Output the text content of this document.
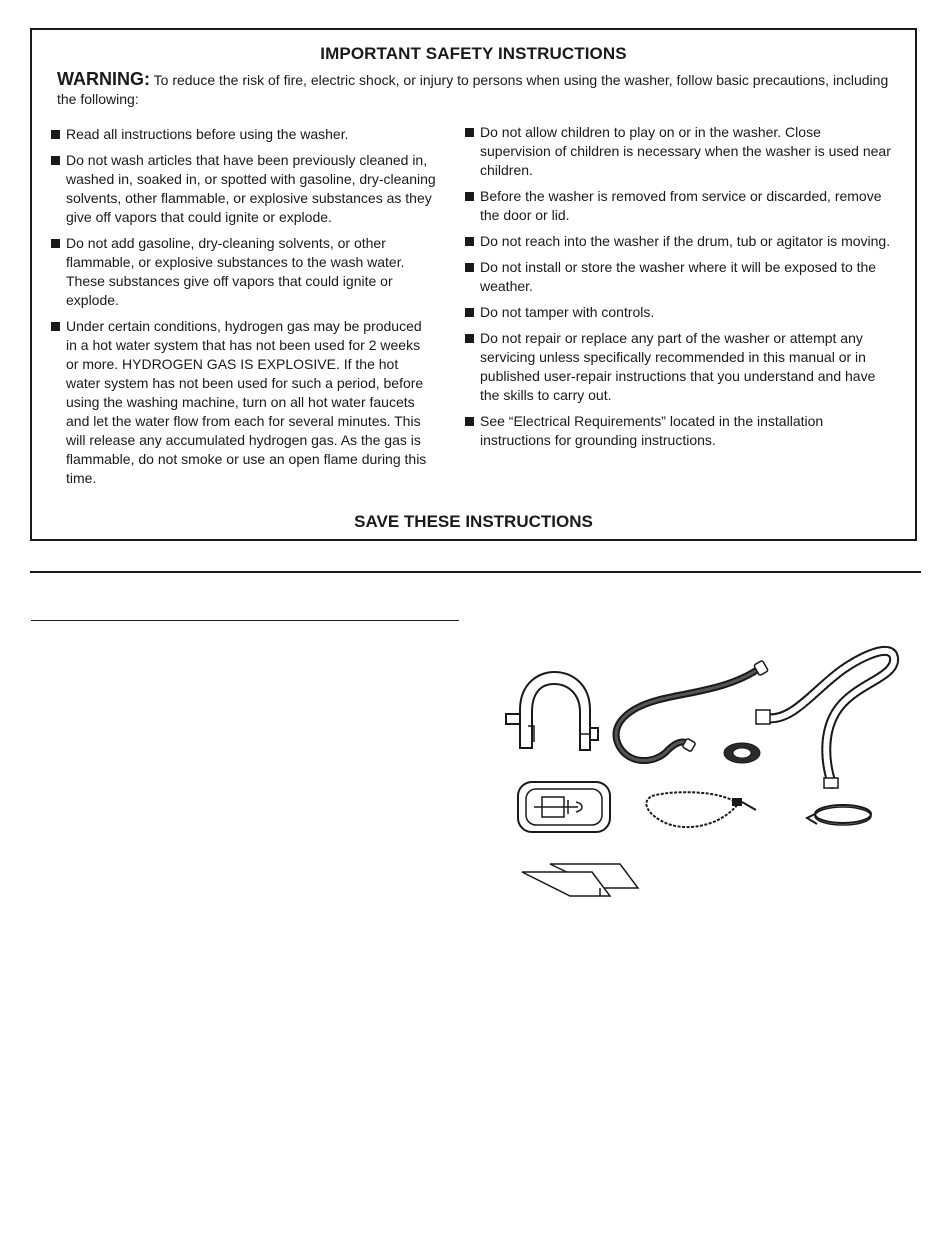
IMPORTANT SAFETY INSTRUCTIONS
WARNING: To reduce the risk of fire, electric shock, or injury to persons when using the washer, follow basic precautions, including the following:
Read all instructions before using the washer.
Do not wash articles that have been previously cleaned in, washed in, soaked in, or spotted with gasoline, dry-cleaning solvents, other flammable, or explosive substances as they give off vapors that could ignite or explode.
Do not add gasoline, dry-cleaning solvents, or other flammable, or explosive substances to the wash water. These substances give off vapors that could ignite or explode.
Under certain conditions, hydrogen gas may be produced in a hot water system that has not been used for 2 weeks or more. HYDROGEN GAS IS EXPLOSIVE. If the hot water system has not been used for such a period, before using the washing machine, turn on all hot water faucets and let the water flow from each for several minutes. This will release any accumulated hydrogen gas. As the gas is flammable, do not smoke or use an open flame during this time.
Do not allow children to play on or in the washer. Close supervision of children is necessary when the washer is used near children.
Before the washer is removed from service or discarded, remove the door or lid.
Do not reach into the washer if the drum, tub or agitator is moving.
Do not install or store the washer where it will be exposed to the weather.
Do not tamper with controls.
Do not repair or replace any part of the washer or attempt any servicing unless specifically recommended in this manual or in published user-repair instructions that you understand and have the skills to carry out.
See “Electrical Requirements” located in the installation instructions for grounding instructions.
SAVE THESE INSTRUCTIONS
